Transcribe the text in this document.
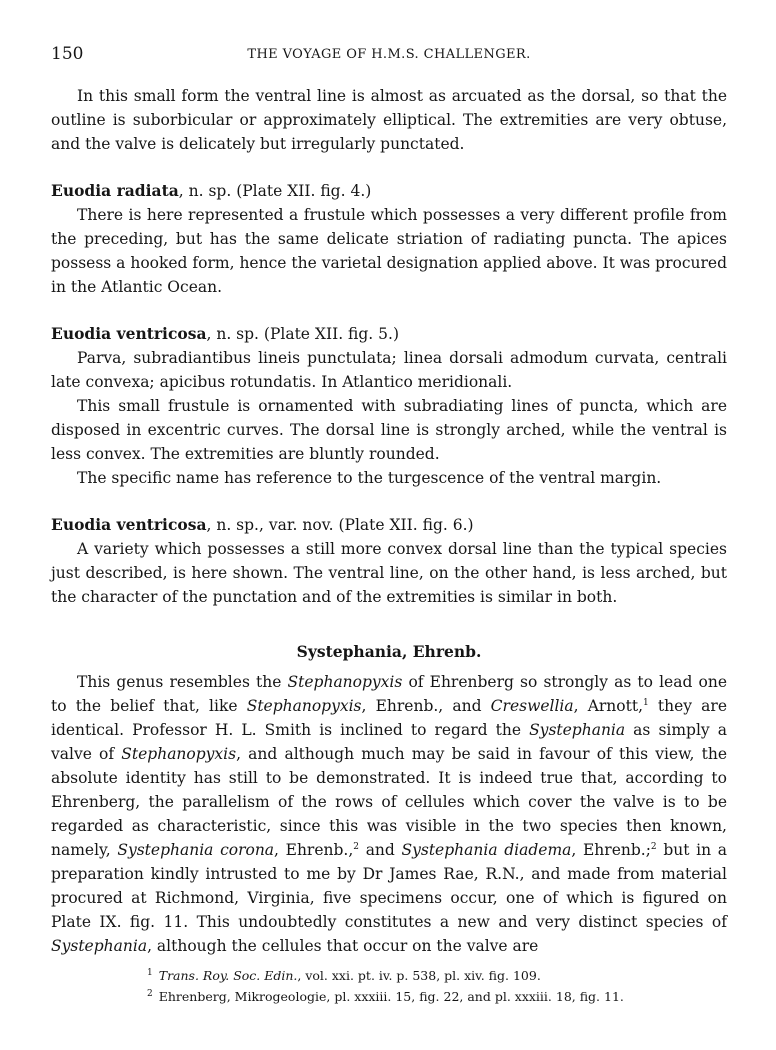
150	THE VOYAGE OF H.M.S. CHALLENGER.

In this small form the ventral line is almost as arcuated as the dorsal, so that the outline is suborbicular or approximately elliptical. The extremities are very obtuse, and the valve is delicately but irregularly punctated.

Euodia radiata, n. sp. (Plate XII. fig. 4.)

There is here represented a frustule which possesses a very different profile from the preceding, but has the same delicate striation of radiating puncta. The apices possess a hooked form, hence the varietal designation applied above. It was procured in the Atlantic Ocean.

Euodia ventricosa, n. sp. (Plate XII. fig. 5.)

Parva, subradiantibus lineis punctulata; linea dorsali admodum curvata, centrali late convexa; apicibus rotundatis. In Atlantico meridionali.

This small frustule is ornamented with subradiating lines of puncta, which are disposed in excentric curves. The dorsal line is strongly arched, while the ventral is less convex. The extremities are bluntly rounded.

The specific name has reference to the turgescence of the ventral margin.

Euodia ventricosa, n. sp., var. nov. (Plate XII. fig. 6.)

A variety which possesses a still more convex dorsal line than the typical species just described, is here shown. The ventral line, on the other hand, is less arched, but the character of the punctation and of the extremities is similar in both.

Systephania, Ehrenb.

This genus resembles the Stephanopyxis of Ehrenberg so strongly as to lead one to the belief that, like Stephanopyxis, Ehrenb., and Creswellia, Arnott,$^1$ they are identical. Professor H. L. Smith is inclined to regard the Systephania as simply a valve of Stephanopyxis, and although much may be said in favour of this view, the absolute identity has still to be demonstrated. It is indeed true that, according to Ehrenberg, the parallelism of the rows of cellules which cover the valve is to be regarded as characteristic, since this was visible in the two species then known, namely, Systephania corona, Ehrenb.,$^2$ and Systephania diadema, Ehrenb.;$^2$ but in a preparation kindly intrusted to me by Dr James Rae, R.N., and made from material procured at Richmond, Virginia, five specimens occur, one of which is figured on Plate IX. fig. 11. This undoubtedly constitutes a new and very distinct species of Systephania, although the cellules that occur on the valve are

$^1$ Trans. Roy. Soc. Edin., vol. xxi. pt. iv. p. 538, pl. xiv. fig. 109.

$^2$ Ehrenberg, Mikrogeologie, pl. xxxiii. 15, fig. 22, and pl. xxxiii. 18, fig. 11.
